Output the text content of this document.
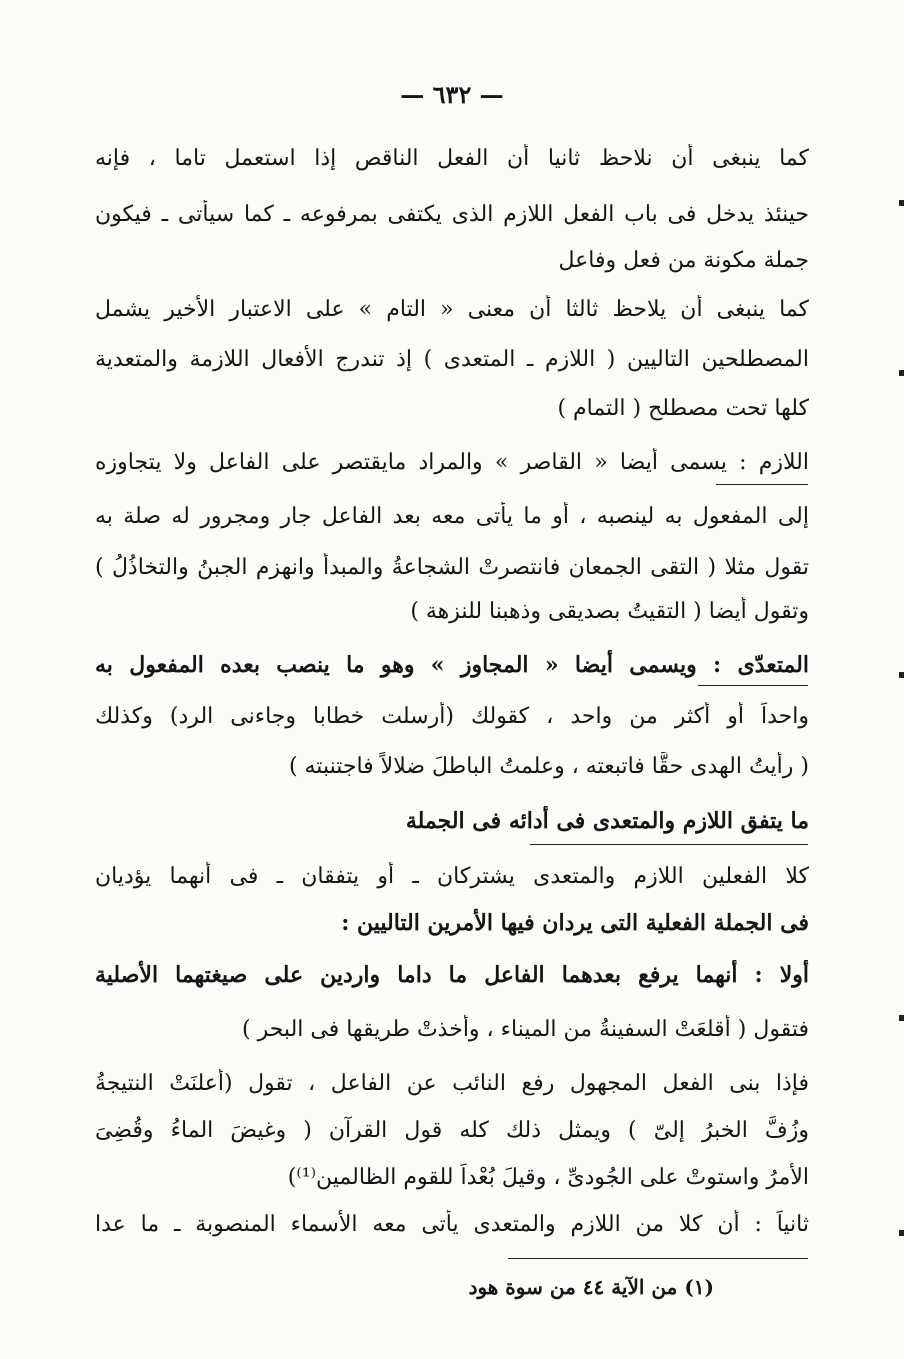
— ٦٣٢ —
كما ينبغى أن نلاحظ ثانيا أن الفعل الناقص إذا استعمل تاما ، فإنه
حينئذ يدخل فى باب الفعل اللازم الذى يكتفى بمرفوعه ـ كما سيأتى ـ فيكون
جملة مكونة من فعل وفاعل
كما ينبغى أن يلاحظ ثالثا أن معنى « التام » على الاعتبار الأخير يشمل
المصطلحين التاليين ( اللازم ـ المتعدى ) إذ تندرج الأفعال اللازمة والمتعدية
كلها تحت مصطلح ( التمام )
اللازم : يسمى أيضا « القاصر » والمراد مايقتصر على الفاعل ولا يتجاوزه
إلى المفعول به لينصبه ، أو ما يأتى معه بعد الفاعل جار ومجرور له صلة به
تقول مثلا ( التقى الجمعان فانتصرتْ الشجاعةُ والمبدأ وانهزم الجبنُ والتخاذُلُ )
وتقول أيضا ( التقيتُ بصديقى وذهبنا للنزهة )
المتعدّى : ويسمى أيضا « المجاوز » وهو ما ينصب بعده المفعول به
واحداً أو أكثر من واحد ، كقولك (أرسلت خطابا وجاءنى الرد) وكذلك
( رأيتُ الهدى حقًّا فاتبعته ، وعلمتُ الباطلَ ضلالاً فاجتنبته )
ما يتفق اللازم والمتعدى فى أدائه فى الجملة
كلا الفعلين اللازم والمتعدى يشتركان ـ أو يتفقان ـ فى أنهما يؤديان
فى الجملة الفعلية التى يردان فيها الأمرين التاليين :
أولا : أنهما يرفع بعدهما الفاعل ما داما واردين على صيغتهما الأصلية
فتقول ( أقلعَتْ السفينةُ من الميناء ، وأخذتْ طريقها فى البحر )
فإذا بنى الفعل المجهول رفع النائب عن الفاعل ، تقول (أُعلنَتْ النتيجةُ
وزُفَّ الخبرُ إلىّ ) ويمثل ذلك كله قول القرآن ( وغيضَ الماءُ وقُضِىَ
الأمرُ واستوتْ على الجُودىِّ ، وقيلَ بُعْداً للقوم الظالمين⁽¹⁾)
ثانياً : أن كلا من اللازم والمتعدى يأتى معه الأسماء المنصوبة ـ ما عدا
(١) من الآية ٤٤ من سوة هود
